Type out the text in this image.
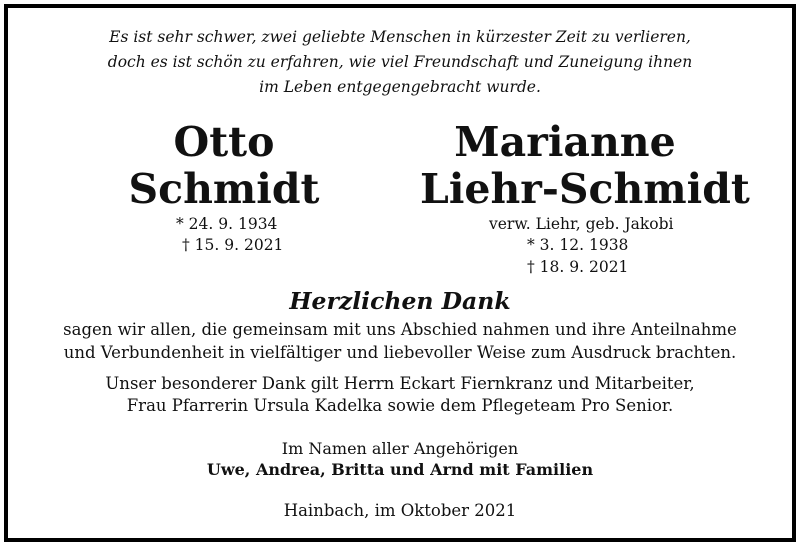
Es ist sehr schwer, zwei geliebte Menschen in kürzester Zeit zu verlieren,
doch es ist schön zu erfahren, wie viel Freundschaft und Zuneigung ihnen
im Leben entgegengebracht wurde.
Otto
Schmidt
* 24. 9. 1934
† 15. 9. 2021
Marianne
Liehr-Schmidt
verw. Liehr, geb. Jakobi
* 3. 12. 1938
† 18. 9. 2021
Herzlichen Dank
sagen wir allen, die gemeinsam mit uns Abschied nahmen und ihre Anteilnahme
und Verbundenheit in vielfältiger und liebevoller Weise zum Ausdruck brachten.
Unser besonderer Dank gilt Herrn Eckart Fiernkranz und Mitarbeiter,
Frau Pfarrerin Ursula Kadelka sowie dem Pflegeteam Pro Senior.
Im Namen aller Angehörigen
Uwe, Andrea, Britta und Arnd mit Familien
Hainbach, im Oktober 2021
